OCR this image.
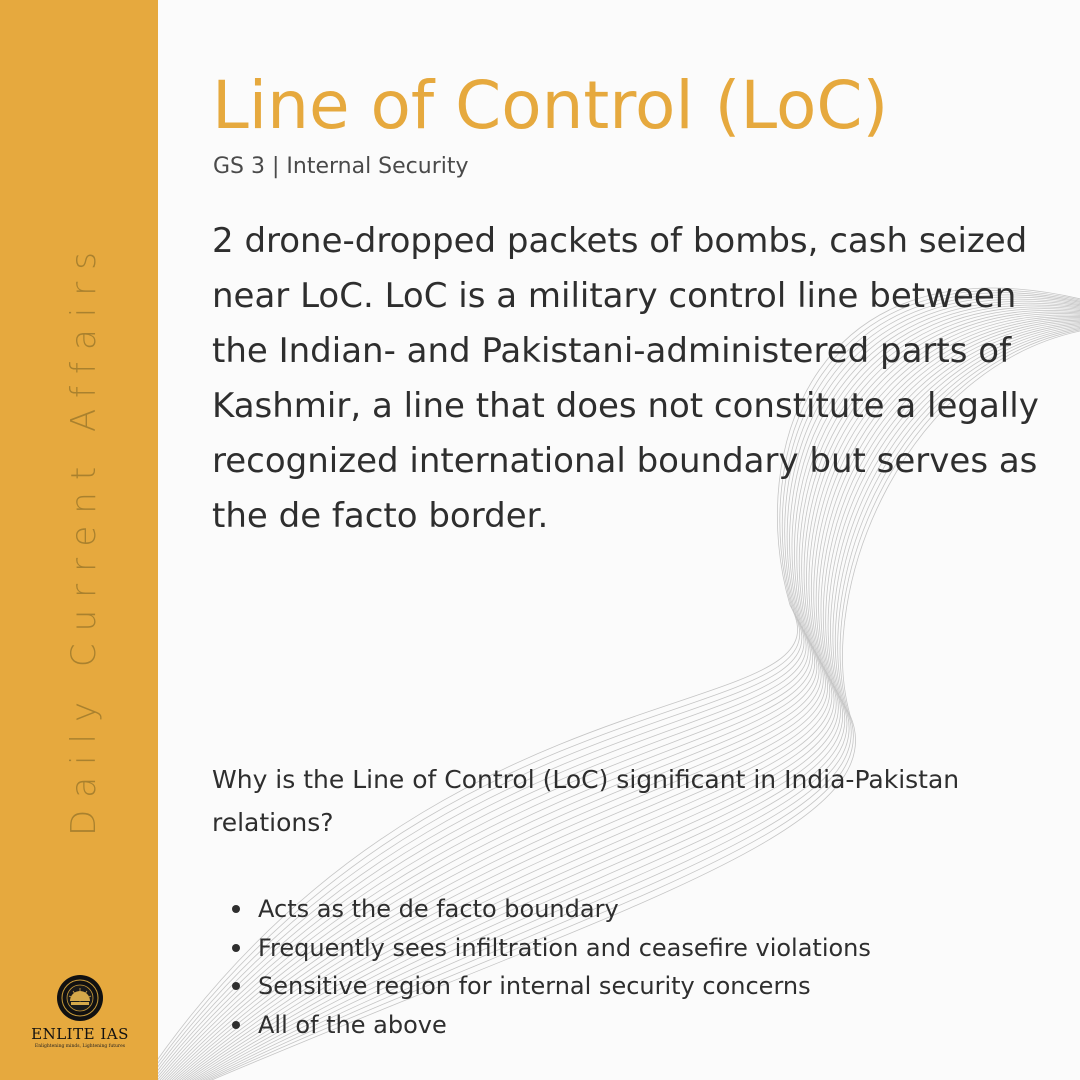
Daily Current Affairs
ENLITE IAS
Enlightening minds, Lightening futures
Line of Control (LoC)
GS 3 | Internal Security

2 drone-dropped packets of bombs, cash seized near LoC. LoC is a military control line between the Indian- and Pakistani-administered parts of Kashmir, a line that does not constitute a legally recognized international boundary but serves as the de facto border.

Why is the Line of Control (LoC) significant in India-Pakistan relations?

Acts as the de facto boundary
Frequently sees infiltration and ceasefire violations
Sensitive region for internal security concerns
All of the above
